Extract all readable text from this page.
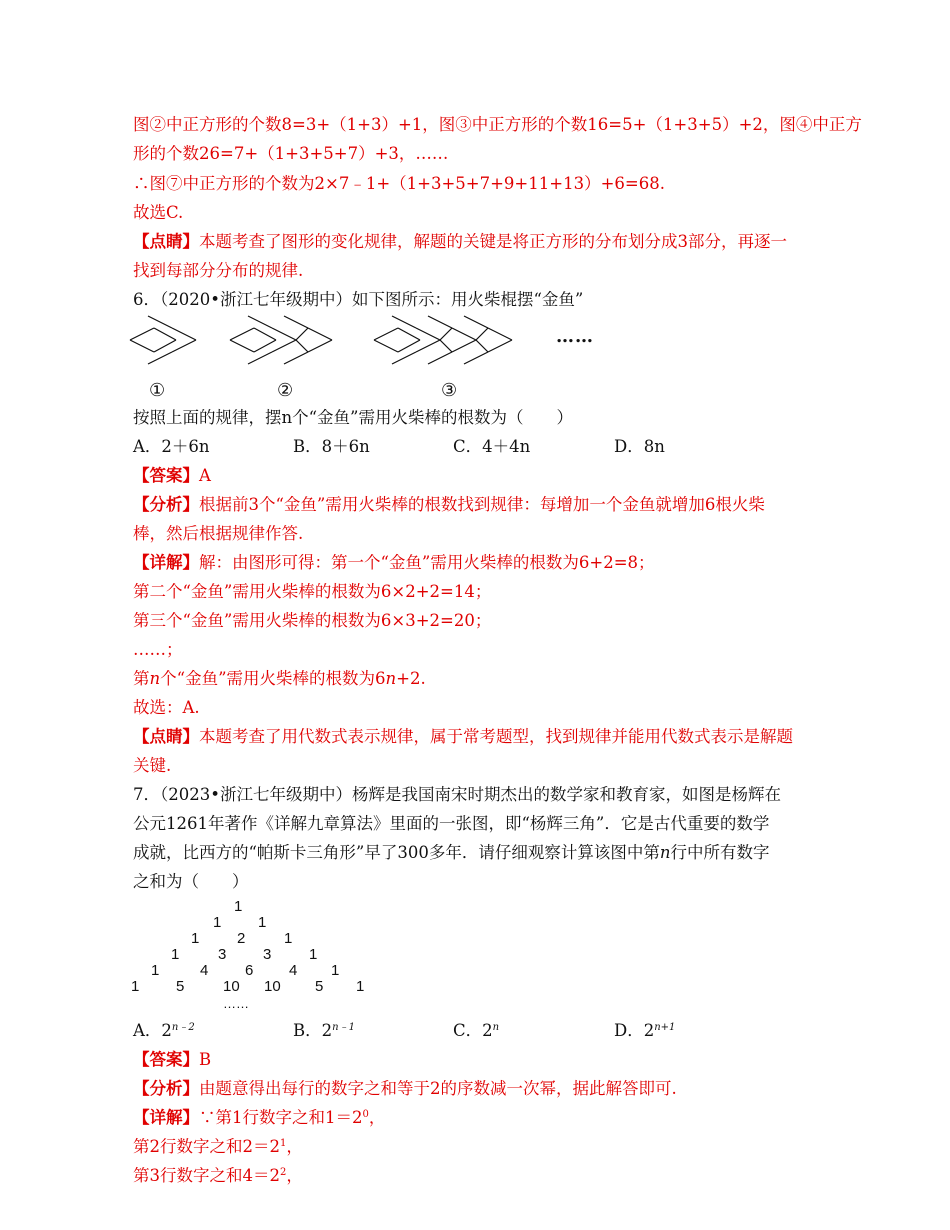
图②中正方形的个数8=3+（1+3）+1，图③中正方形的个数16=5+（1+3+5）+2，图④中正方
形的个数26=7+（1+3+5+7）+3，……
∴图⑦中正方形的个数为2×7﹣1+（1+3+5+7+9+11+13）+6=68.
故选C.
【点睛】本题考查了图形的变化规律，解题的关键是将正方形的分布划分成3部分，再逐一
找到每部分分布的规律.
6．（2020•浙江七年级期中）如下图所示：用火柴棍摆“金鱼”
……
①	②	③
按照上面的规律，摆n个“金鱼”需用火柴棒的根数为（　　）
A．2＋6n	B．8＋6n	C．4＋4n	D．8n
【答案】A
【分析】根据前3个“金鱼”需用火柴棒的根数找到规律：每增加一个金鱼就增加6根火柴
棒，然后根据规律作答.
【详解】解：由图形可得：第一个“金鱼”需用火柴棒的根数为6+2=8；
第二个“金鱼”需用火柴棒的根数为6×2+2=14；
第三个“金鱼”需用火柴棒的根数为6×3+2=20；
……；
第n个“金鱼”需用火柴棒的根数为6n+2.
故选：A.
【点睛】本题考查了用代数式表示规律，属于常考题型，找到规律并能用代数式表示是解题
关键.
7．（2023•浙江七年级期中）杨辉是我国南宋时期杰出的数学家和教育家，如图是杨辉在
公元1261年著作《详解九章算法》里面的一张图，即“杨辉三角”．它是古代重要的数学
成就，比西方的“帕斯卡三角形”早了300多年．请仔细观察计算该图中第n行中所有数字
之和为（　　）
1
1 1
1	2	1
1	3 3	1
1	4 6 4 1
1 5	10 10 5 1
……
A．$2^{n﹣2}$	B．$2^{n﹣1}$	C．2$^n$	D．$2^{n+1}$
【答案】B
【分析】由题意得出每行的数字之和等于2的序数减一次幂，据此解答即可.
【详解】∵第1行数字之和$1=2^0$，
第2行数字之和$2=2^1$，
第3行数字之和$4=2^2$，
